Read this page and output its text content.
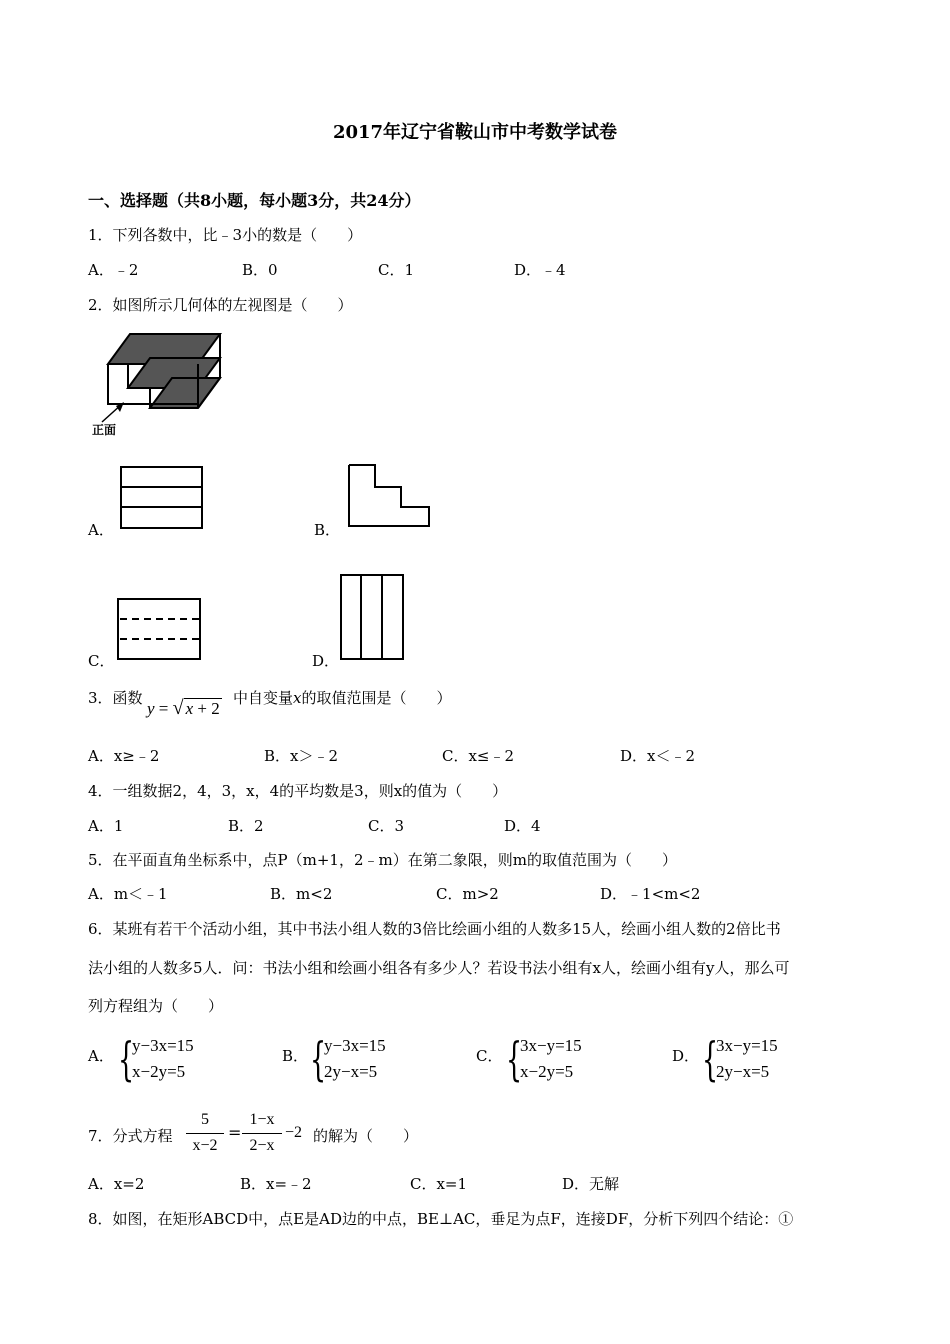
2017年辽宁省鞍山市中考数学试卷
一、选择题（共8小题，每小题3分，共24分）
1．下列各数中，比﹣3小的数是（　　）
A．﹣2	B．0	C．1	D．﹣4
2．如图所示几何体的左视图是（　　）
正面
A．	B．
C．	D．
3．函数
y = √ x + 2
中自变量x的取值范围是（　　）
A．x≥﹣2	B．x＞﹣2	C．x≤﹣2	D．x＜﹣2
4．一组数据2，4，3，x，4的平均数是3，则x的值为（　　）
A．1	B．2	C．3	D．4
5．在平面直角坐标系中，点P（m+1，2﹣m）在第二象限，则m的取值范围为（　　）
A．m＜﹣1	B．m<2	C．m>2	D．﹣1<m<2
6．某班有若干个活动小组，其中书法小组人数的3倍比绘画小组的人数多15人，绘画小组人数的2倍比书
法小组的人数多5人．问：书法小组和绘画小组各有多少人？若设书法小组有x人，绘画小组有y人，那么可
列方程组为（　　）
A． {
y−3x=15
x−2y=5
B． {
y−3x=15
2y−x=5
C． {
3x−y=15
x−2y=5
D． {
3x−y=15
2y−x=5
7．分式方程
5
x−2
=
1−x
2−x
−2 的解为（　　）
A．x=2	B．x=﹣2	C．x=1	D．无解
8．如图，在矩形ABCD中，点E是AD边的中点，BE⊥AC，垂足为点F，连接DF，分析下列四个结论：①
